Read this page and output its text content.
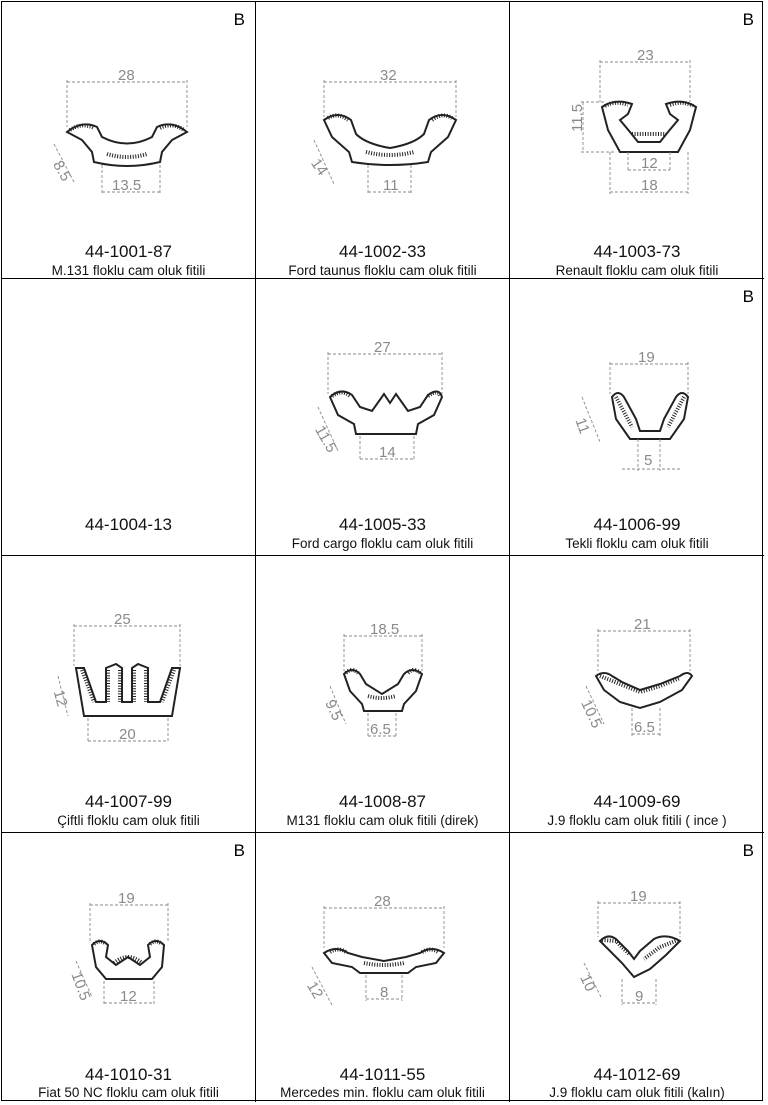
B
28
8.5
13.5
44-1001-87
M.131 floklu cam oluk fitili
32
14
11
44-1002-33
Ford taunus floklu cam oluk fitili
B
23
11.5
12
18
44-1003-73
Renault floklu cam oluk fitili
44-1004-13
27
11.5	14
44-1005-33
Ford cargo floklu cam oluk fitili
B
19
11
5
44-1006-99
Tekli floklu cam oluk fitili
25
12
20
44-1007-99
Çiftli floklu cam oluk fitili
18.5
9.5
6.5
44-1008-87
M131 floklu cam oluk fitili (direk)
21
10.5 6.5
44-1009-69
J.9 floklu cam oluk fitili ( ince )
B
19
10.5 12
44-1010-31
Fiat 50 NC floklu cam oluk fitili
28
12	8
44-1011-55
Mercedes min. floklu cam oluk fitili
B
19
10
9
44-1012-69
J.9 floklu cam oluk fitili (kalın)
